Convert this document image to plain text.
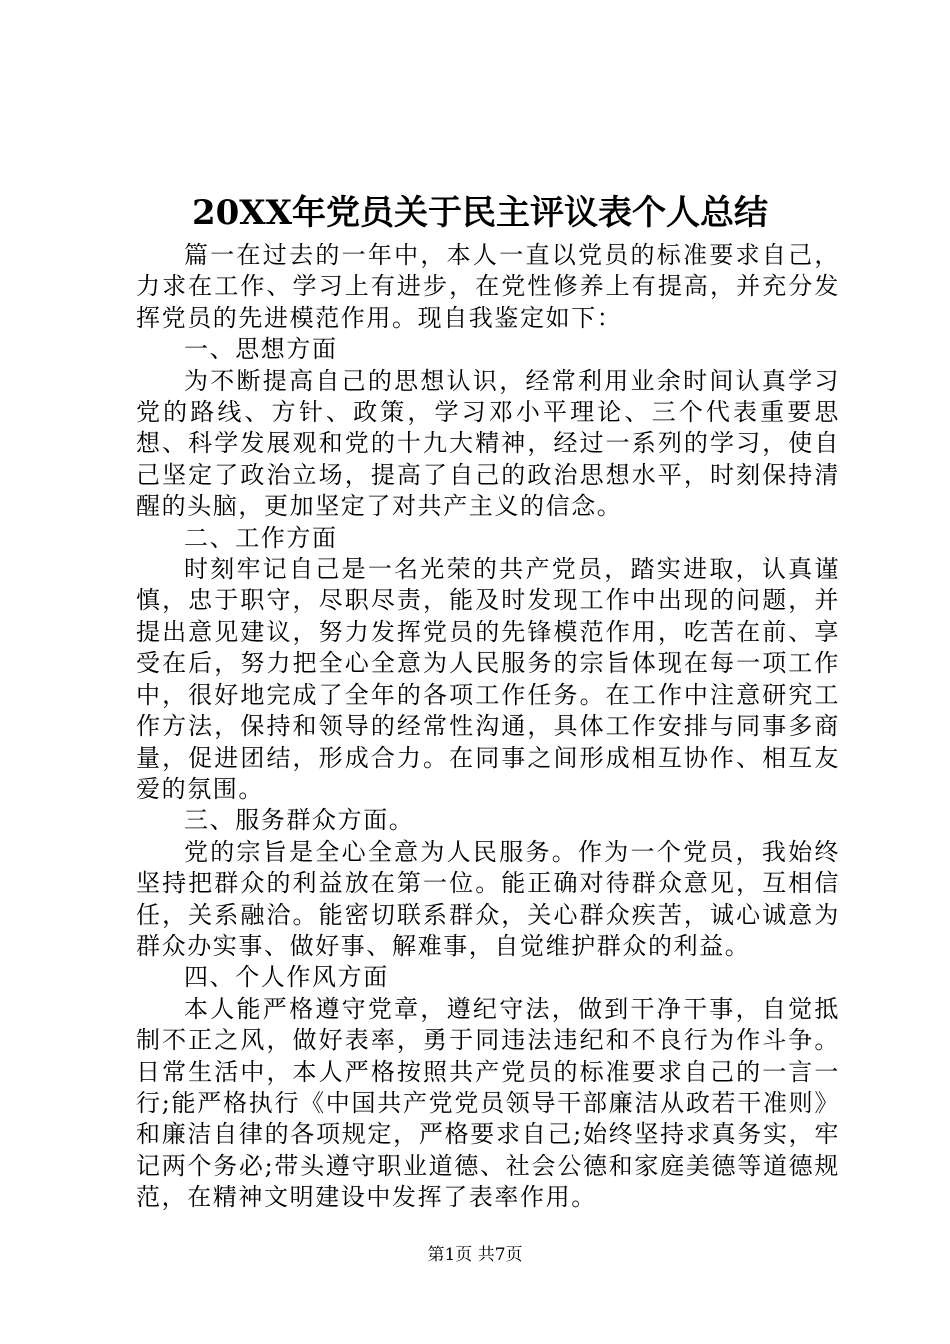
20XX年党员关于民主评议表个人总结

篇一在过去的一年中，本人一直以党员的标准要求自己，力求在工作、学习上有进步，在党性修养上有提高，并充分发挥党员的先进模范作用。现自我鉴定如下：

一、思想方面

为不断提高自己的思想认识，经常利用业余时间认真学习党的路线、方针、政策，学习邓小平理论、三个代表重要思想、科学发展观和党的十九大精神，经过一系列的学习，使自己坚定了政治立场，提高了自己的政治思想水平，时刻保持清醒的头脑，更加坚定了对共产主义的信念。

二、工作方面

时刻牢记自己是一名光荣的共产党员，踏实进取，认真谨慎，忠于职守，尽职尽责，能及时发现工作中出现的问题，并提出意见建议，努力发挥党员的先锋模范作用，吃苦在前、享受在后，努力把全心全意为人民服务的宗旨体现在每一项工作中，很好地完成了全年的各项工作任务。在工作中注意研究工作方法，保持和领导的经常性沟通，具体工作安排与同事多商量，促进团结，形成合力。在同事之间形成相互协作、相互友爱的氛围。

三、服务群众方面。

党的宗旨是全心全意为人民服务。作为一个党员，我始终坚持把群众的利益放在第一位。能正确对待群众意见，互相信任，关系融洽。能密切联系群众，关心群众疾苦，诚心诚意为群众办实事、做好事、解难事，自觉维护群众的利益。

四、个人作风方面

本人能严格遵守党章，遵纪守法，做到干净干事，自觉抵制不正之风，做好表率，勇于同违法违纪和不良行为作斗争。日常生活中，本人严格按照共产党员的标准要求自己的一言一行;能严格执行《中国共产党党员领导干部廉洁从政若干准则》和廉洁自律的各项规定，严格要求自己;始终坚持求真务实，牢记两个务必;带头遵守职业道德、社会公德和家庭美德等道德规范，在精神文明建设中发挥了表率作用。

第1页 共7页
